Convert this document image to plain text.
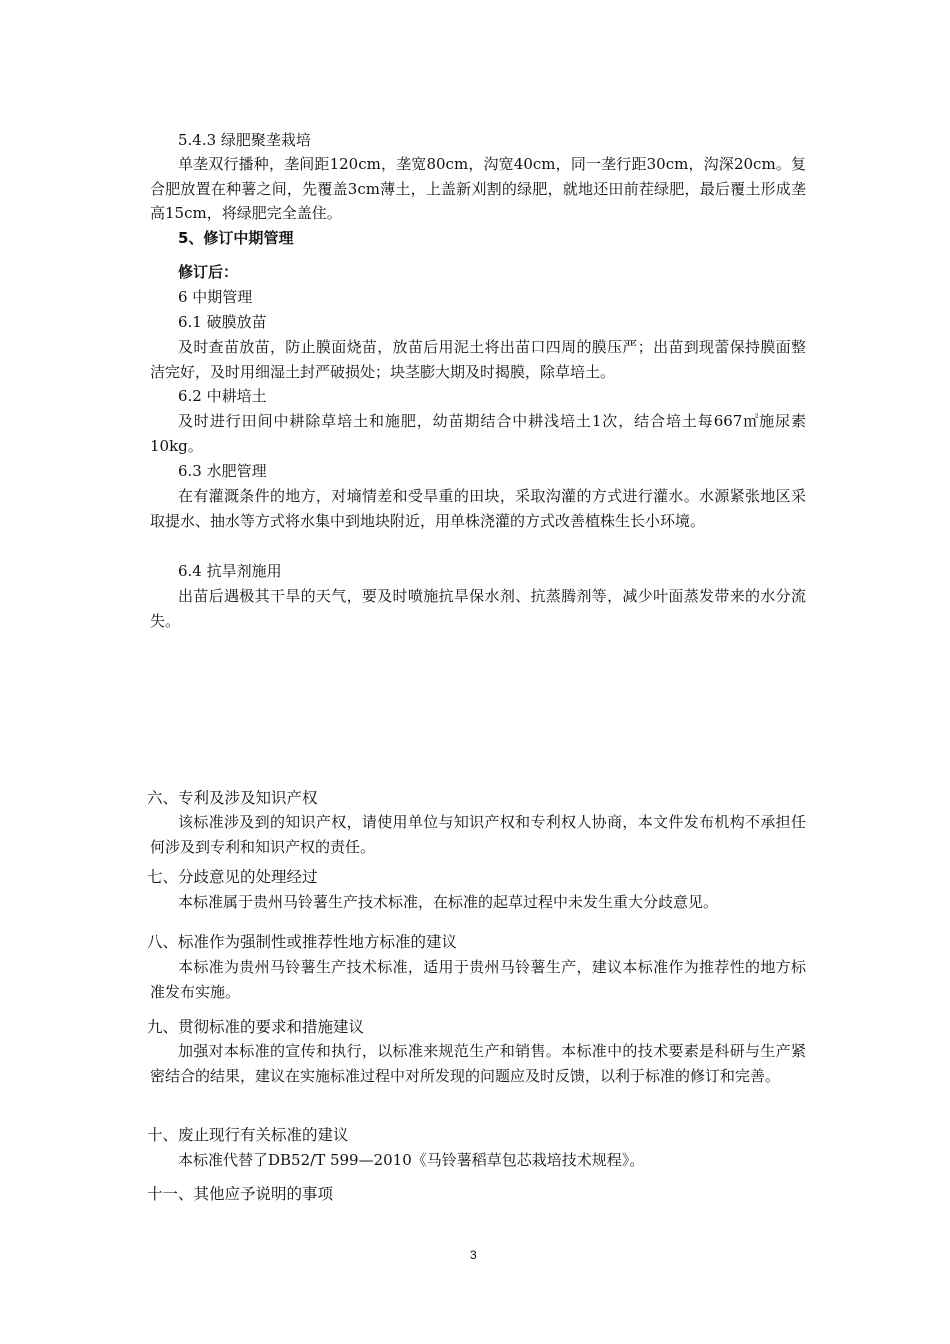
5.4.3 绿肥聚垄栽培
单垄双行播种，垄间距120cm，垄宽80cm，沟宽40cm，同一垄行距30cm，沟深20cm。复合肥放置在种薯之间，先覆盖3cm薄土，上盖新刈割的绿肥，就地还田前茬绿肥，最后覆土形成垄高15cm，将绿肥完全盖住。
5、修订中期管理
修订后：
6 中期管理
6.1 破膜放苗
及时查苗放苗，防止膜面烧苗，放苗后用泥土将出苗口四周的膜压严；出苗到现蕾保持膜面整洁完好，及时用细湿土封严破损处；块茎膨大期及时揭膜，除草培土。
6.2 中耕培土
及时进行田间中耕除草培土和施肥，幼苗期结合中耕浅培土1次，结合培土每667㎡施尿素10kg。
6.3 水肥管理
在有灌溉条件的地方，对墒情差和受旱重的田块，采取沟灌的方式进行灌水。水源紧张地区采取提水、抽水等方式将水集中到地块附近，用单株浇灌的方式改善植株生长小环境。
6.4 抗旱剂施用
出苗后遇极其干旱的天气，要及时喷施抗旱保水剂、抗蒸腾剂等，减少叶面蒸发带来的水分流失。
六、专利及涉及知识产权
该标准涉及到的知识产权，请使用单位与知识产权和专利权人协商，本文件发布机构不承担任何涉及到专利和知识产权的责任。
七、分歧意见的处理经过
本标准属于贵州马铃薯生产技术标准，在标准的起草过程中未发生重大分歧意见。
八、标准作为强制性或推荐性地方标准的建议
本标准为贵州马铃薯生产技术标准，适用于贵州马铃薯生产，建议本标准作为推荐性的地方标准发布实施。
九、贯彻标准的要求和措施建议
加强对本标准的宣传和执行，以标准来规范生产和销售。本标准中的技术要素是科研与生产紧密结合的结果，建议在实施标准过程中对所发现的问题应及时反馈，以利于标准的修订和完善。
十、废止现行有关标准的建议
本标准代替了DB52/T 599—2010《马铃薯稻草包芯栽培技术规程》。
十一、其他应予说明的事项
3
